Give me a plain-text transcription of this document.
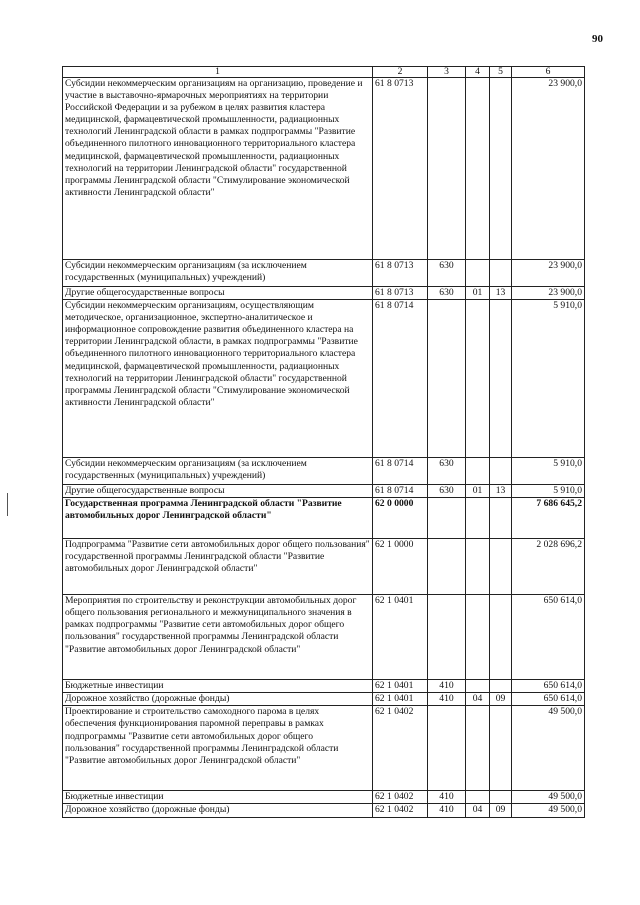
90
1	2	3	4	5	6
Субсидии некоммерческим организациям на организацию, проведение и участие в выставочно-ярмарочных мероприятиях на территории Российской Федерации и за рубежом в целях развития кластера медицинской, фармацевтической промышленности, радиационных технологий Ленинградской области в рамках подпрограммы "Развитие объединенного пилотного инновационного территориального кластера медицинской, фармацевтической промышленности, радиационных технологий на территории Ленинградской области" государственной программы Ленинградской области "Стимулирование экономической активности Ленинградской области"	61 8 0713				23 900,0
Субсидии некоммерческим организациям (за исключением государственных (муниципальных) учреждений)	61 8 0713	630			23 900,0
Другие общегосударственные вопросы	61 8 0713	630	01	13	23 900,0
Субсидии некоммерческим организациям, осуществляющим методическое, организационное, экспертно-аналитическое и информационное сопровождение развития объединенного кластера на территории Ленинградской области, в рамках подпрограммы "Развитие объединенного пилотного инновационного территориального кластера медицинской, фармацевтической промышленности, радиационных технологий на территории Ленинградской области" государственной программы Ленинградской области "Стимулирование экономической активности Ленинградской области"	61 8 0714				5 910,0
Субсидии некоммерческим организациям (за исключением государственных (муниципальных) учреждений)	61 8 0714	630			5 910,0
Другие общегосударственные вопросы	61 8 0714	630	01	13	5 910,0
Государственная программа Ленинградской области "Развитие автомобильных дорог Ленинградской области"	62 0 0000				7 686 645,2
Подпрограмма "Развитие сети автомобильных дорог общего пользования" государственной программы Ленинградской области "Развитие автомобильных дорог Ленинградской области"	62 1 0000				2 028 696,2
Мероприятия по строительству и реконструкции автомобильных дорог общего пользования регионального и межмуниципального значения в рамках подпрограммы "Развитие сети автомобильных дорог общего пользования" государственной программы Ленинградской области "Развитие автомобильных дорог Ленинградской области"	62 1 0401				650 614,0
Бюджетные инвестиции	62 1 0401	410			650 614,0
Дорожное хозяйство (дорожные фонды)	62 1 0401	410	04	09	650 614,0
Проектирование и строительство самоходного парома в целях обеспечения функционирования паромной переправы в рамках подпрограммы "Развитие сети автомобильных дорог общего пользования" государственной программы Ленинградской области "Развитие автомобильных дорог Ленинградской области"	62 1 0402				49 500,0
Бюджетные инвестиции	62 1 0402	410			49 500,0
Дорожное хозяйство (дорожные фонды)	62 1 0402	410	04	09	49 500,0
